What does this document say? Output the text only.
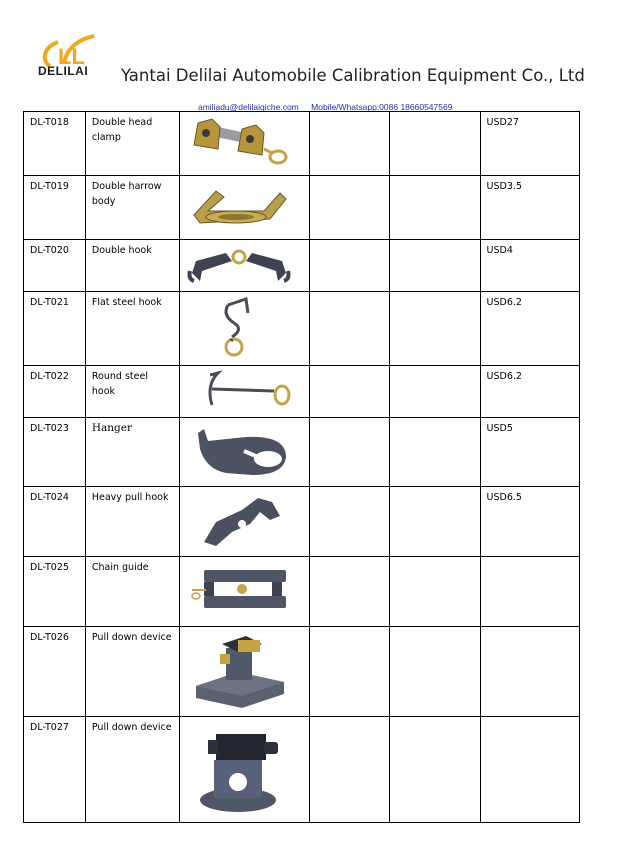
LL
DELILAI Yantai Delilai Automobile Calibration Equipment Co., Ltd
amiliadu@delilaiqiche.com Mobile/Whatsapp:0086 18660547569
DL-T018	Double head clamp				USD27
DL-T019	Double harrow body				USD3.5
DL-T020	Double hook				USD4
DL-T021	Flat steel hook				USD6.2
DL-T022	Round steel hook				USD6.2
DL-T023	Hanger				USD5
DL-T024	Heavy pull hook				USD6.5
DL-T025	Chain guide	

DL-T026	Pull down device	

DL-T027	Pull down device	
